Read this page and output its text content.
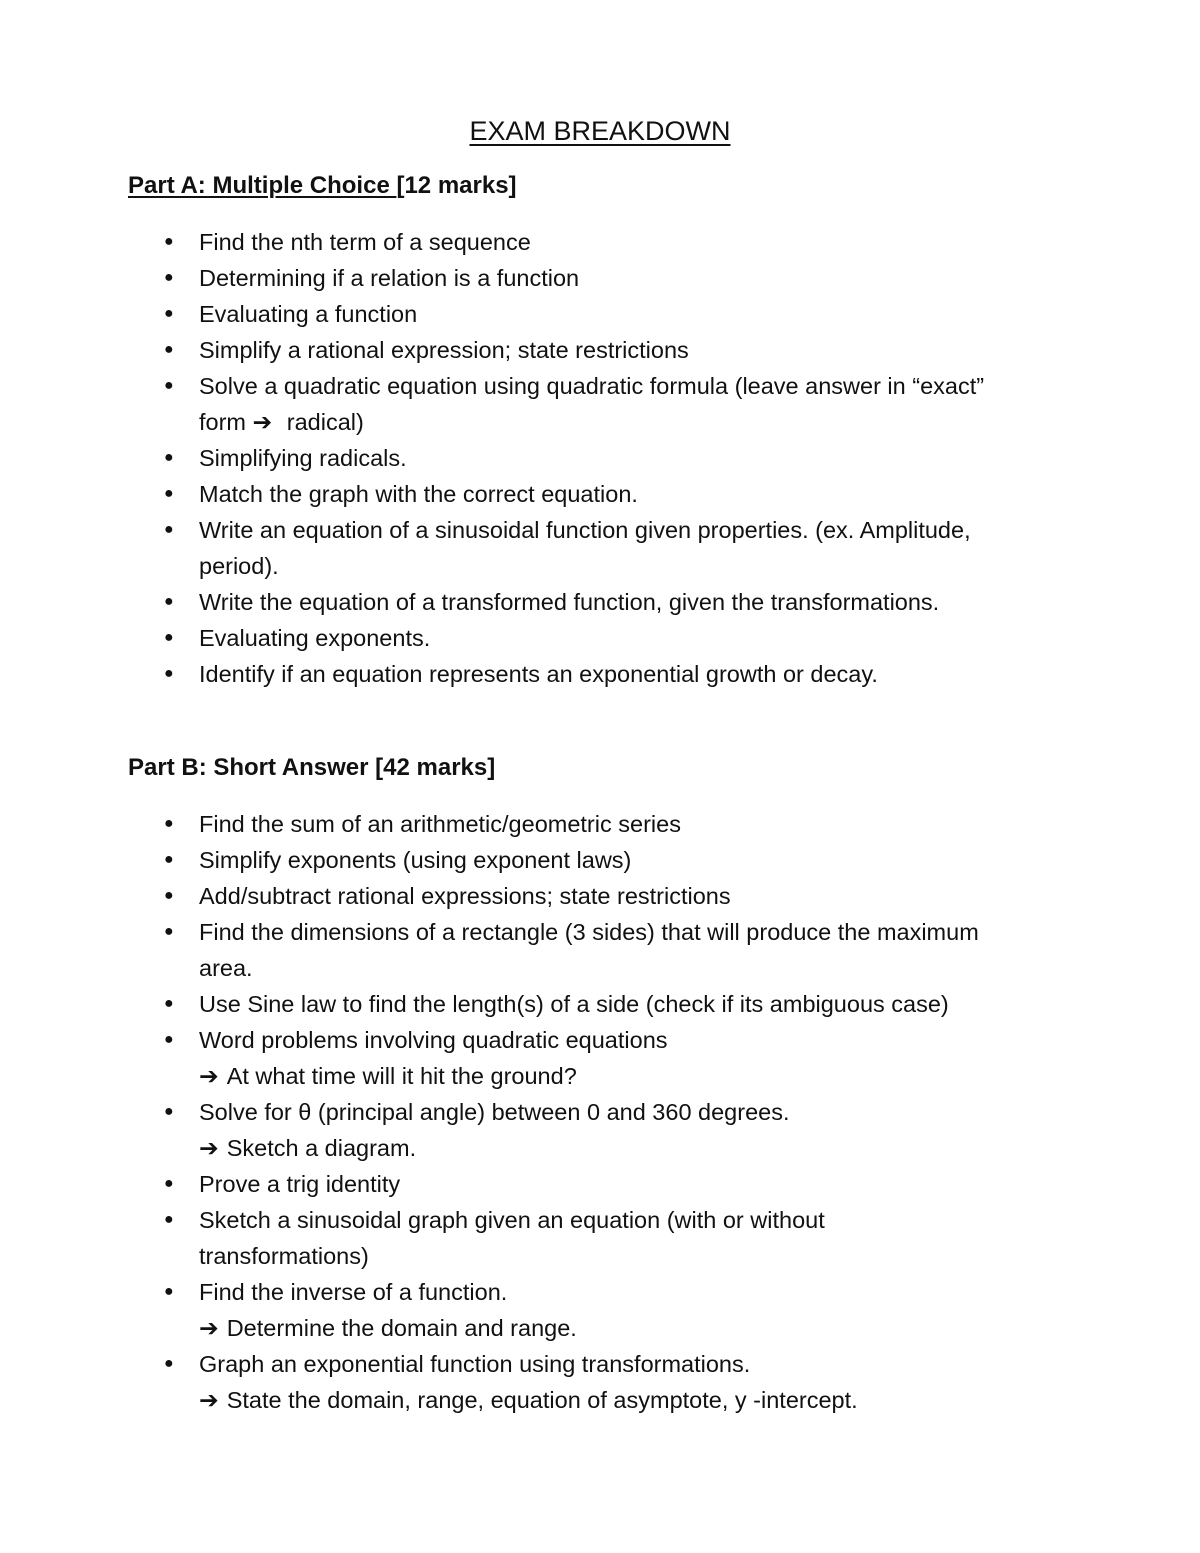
EXAM BREAKDOWN
Part A: Multiple Choice [12 marks]
●	Find the nth term of a sequence
●	Determining if a relation is a function
●	Evaluating a function
●	Simplify a rational expression; state restrictions
●	Solve a quadratic equation using quadratic formula (leave answer in “exact”
form ➔ radical)
●	Simplifying radicals.
●	Match the graph with the correct equation.
●	Write an equation of a sinusoidal function given properties. (ex. Amplitude,
period).
●	Write the equation of a transformed function, given the transformations.
●	Evaluating exponents.
●	Identify if an equation represents an exponential growth or decay.
Part B: Short Answer [42 marks]
●	Find the sum of an arithmetic/geometric series
●	Simplify exponents (using exponent laws)
●	Add/subtract rational expressions; state restrictions
●	Find the dimensions of a rectangle (3 sides) that will produce the maximum
area.
●	Use Sine law to find the length(s) of a side (check if its ambiguous case)
●	Word problems involving quadratic equations
➔ At what time will it hit the ground?
●	Solve for θ (principal angle) between 0 and 360 degrees.
➔ Sketch a diagram.
●	Prove a trig identity
●	Sketch a sinusoidal graph given an equation (with or without
transformations)
●	Find the inverse of a function.
➔ Determine the domain and range.
●	Graph an exponential function using transformations.
➔ State the domain, range, equation of asymptote, y -intercept.
